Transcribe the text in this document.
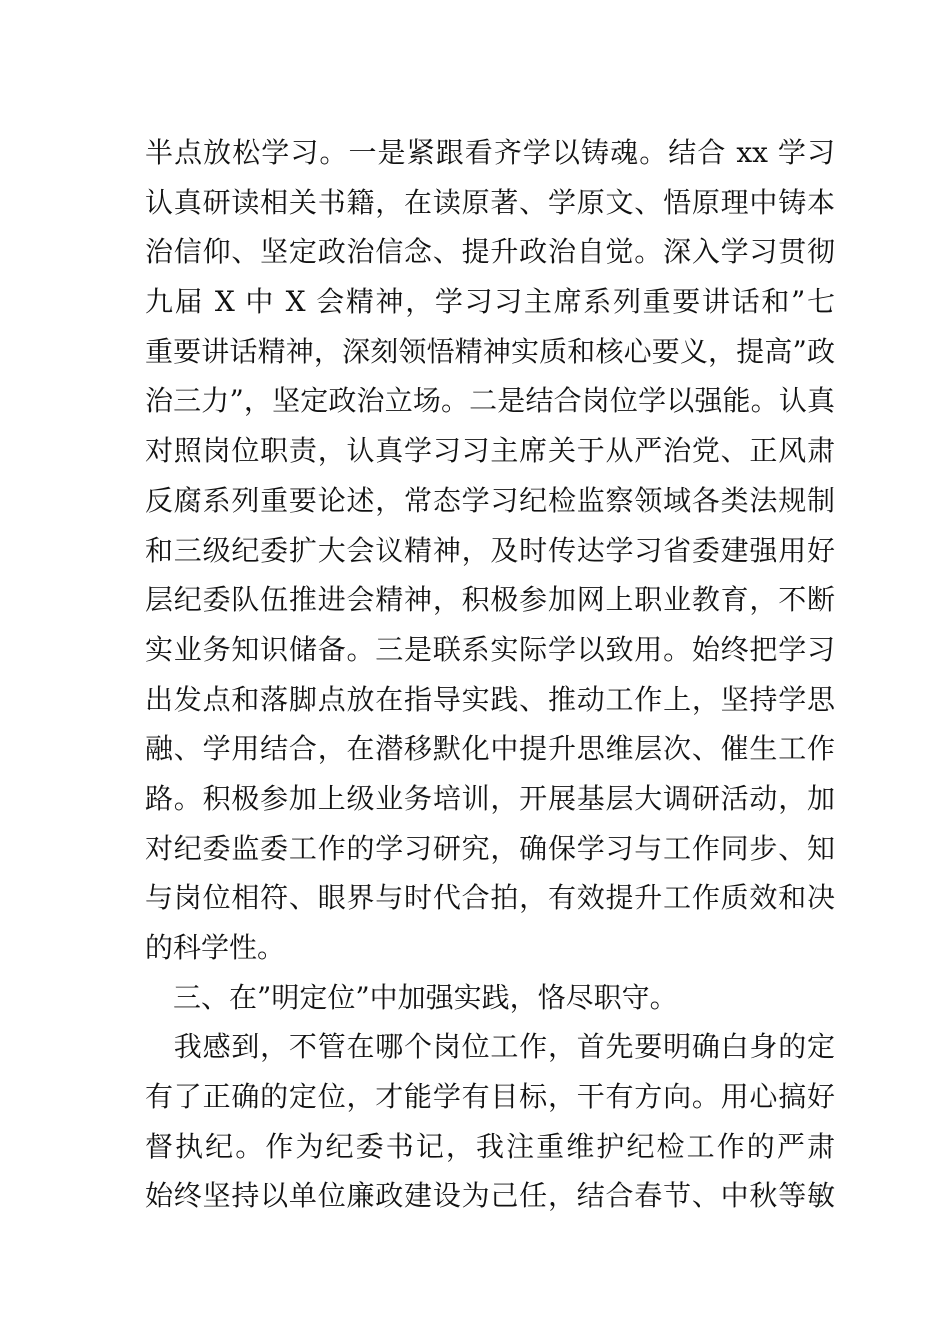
半点放松学习。一是紧跟看齐学以铸魂。结合 xx 学习
认真研读相关书籍，在读原著、学原文、悟原理中铸本
治信仰、坚定政治信念、提升政治自觉。深入学习贯彻
九届 X 中 X 会精神，学习习主席系列重要讲话和”七
重要讲话精神，深刻领悟精神实质和核心要义，提高”政
治三力”，坚定政治立场。二是结合岗位学以强能。认真
对照岗位职责，认真学习习主席关于从严治党、正风肃
反腐系列重要论述，常态学习纪检监察领域各类法规制
和三级纪委扩大会议精神，及时传达学习省委建强用好
层纪委队伍推进会精神，积极参加网上职业教育，不断
实业务知识储备。三是联系实际学以致用。始终把学习
出发点和落脚点放在指导实践、推动工作上，坚持学思
融、学用结合，在潜移默化中提升思维层次、催生工作
路。积极参加上级业务培训，开展基层大调研活动，加
对纪委监委工作的学习研究，确保学习与工作同步、知
与岗位相符、眼界与时代合拍，有效提升工作质效和决
的科学性。
　三、在”明定位”中加强实践，恪尽职守。
　我感到，不管在哪个岗位工作，首先要明确白身的定
有了正确的定位，才能学有目标，干有方向。用心搞好
督执纪。作为纪委书记，我注重维护纪检工作的严肃
始终坚持以单位廉政建设为己任，结合春节、中秋等敏
